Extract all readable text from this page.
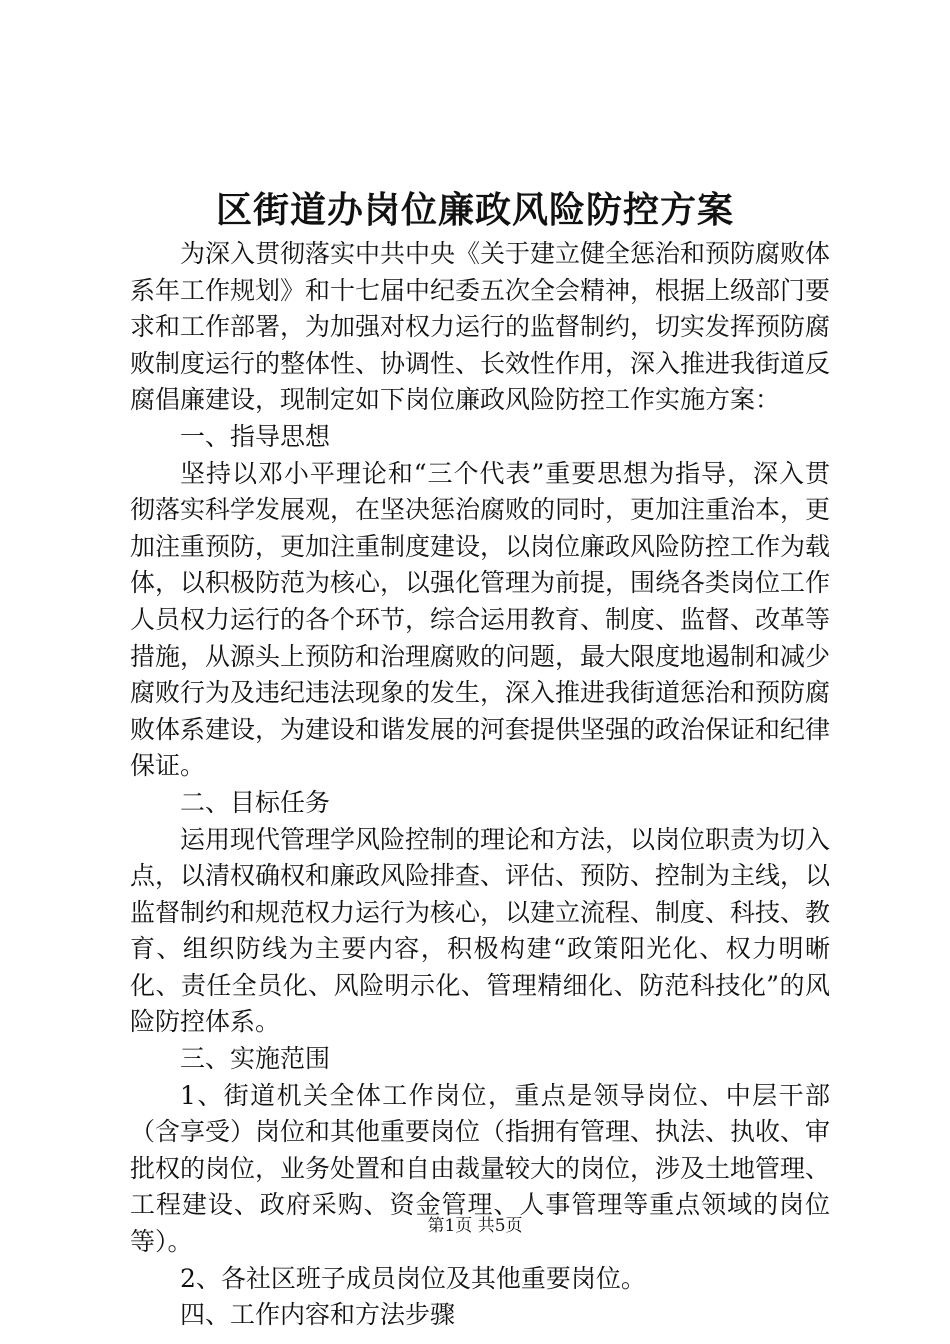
区街道办岗位廉政风险防控方案

为深入贯彻落实中共中央《关于建立健全惩治和预防腐败体系年工作规划》和十七届中纪委五次全会精神，根据上级部门要求和工作部署，为加强对权力运行的监督制约，切实发挥预防腐败制度运行的整体性、协调性、长效性作用，深入推进我街道反腐倡廉建设，现制定如下岗位廉政风险防控工作实施方案：

一、指导思想

坚持以邓小平理论和“三个代表”重要思想为指导，深入贯彻落实科学发展观，在坚决惩治腐败的同时，更加注重治本，更加注重预防，更加注重制度建设，以岗位廉政风险防控工作为载体，以积极防范为核心，以强化管理为前提，围绕各类岗位工作人员权力运行的各个环节，综合运用教育、制度、监督、改革等措施，从源头上预防和治理腐败的问题，最大限度地遏制和减少腐败行为及违纪违法现象的发生，深入推进我街道惩治和预防腐败体系建设，为建设和谐发展的河套提供坚强的政治保证和纪律保证。

二、目标任务

运用现代管理学风险控制的理论和方法，以岗位职责为切入点，以清权确权和廉政风险排查、评估、预防、控制为主线，以监督制约和规范权力运行为核心，以建立流程、制度、科技、教育、组织防线为主要内容，积极构建“政策阳光化、权力明晰化、责任全员化、风险明示化、管理精细化、防范科技化”的风险防控体系。

三、实施范围

1、街道机关全体工作岗位，重点是领导岗位、中层干部（含享受）岗位和其他重要岗位（指拥有管理、执法、执收、审批权的岗位，业务处置和自由裁量较大的岗位，涉及土地管理、工程建设、政府采购、资金管理、人事管理等重点领域的岗位等）。

2、各社区班子成员岗位及其他重要岗位。

四、工作内容和方法步骤

第1页 共5页
